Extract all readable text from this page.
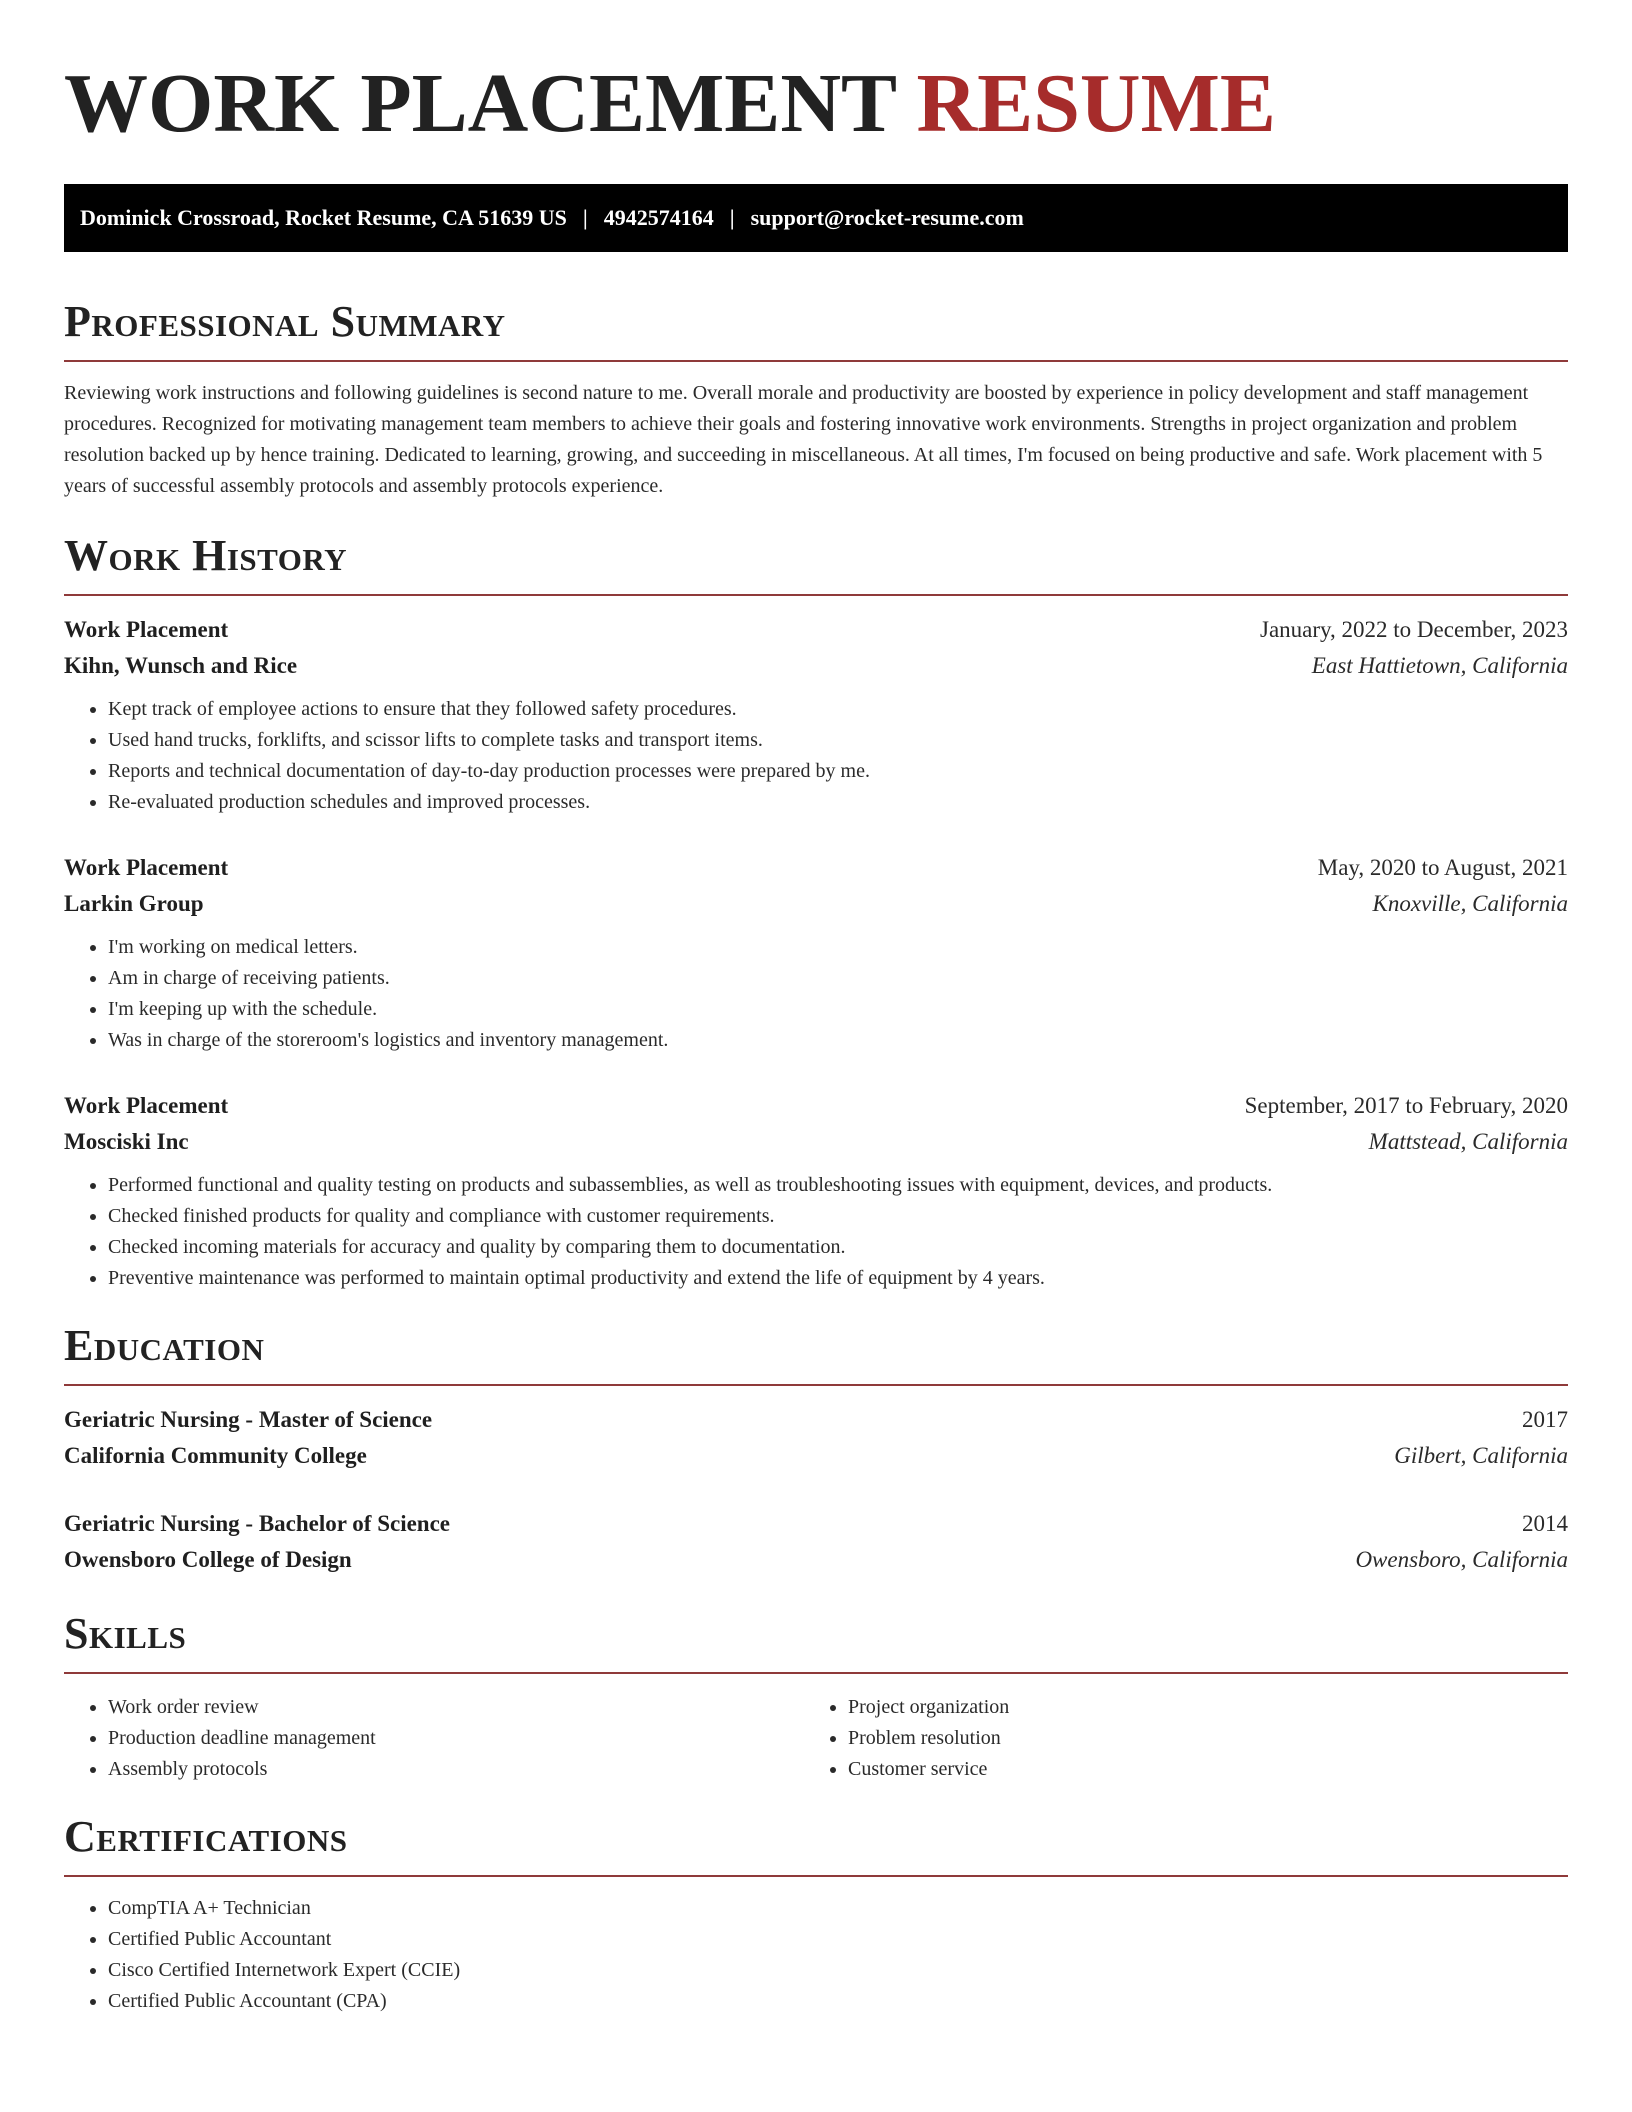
WORK PLACEMENT RESUME
Dominick Crossroad, Rocket Resume, CA 51639 US | 4942574164 | support@rocket-resume.com
Professional Summary

Reviewing work instructions and following guidelines is second nature to me. Overall morale and productivity are boosted by experience in policy development and staff management procedures. Recognized for motivating management team members to achieve their goals and fostering innovative work environments. Strengths in project organization and problem resolution backed up by hence training. Dedicated to learning, growing, and succeeding in miscellaneous. At all times, I'm focused on being productive and safe. Work placement with 5 years of successful assembly protocols and assembly protocols experience.

Work History
Work Placement	January, 2022 to December, 2023
Kihn, Wunsch and Rice	East Hattietown, California
• Kept track of employee actions to ensure that they followed safety procedures.
• Used hand trucks, forklifts, and scissor lifts to complete tasks and transport items.
• Reports and technical documentation of day-to-day production processes were prepared by me.
• Re-evaluated production schedules and improved processes.
Work Placement	May, 2020 to August, 2021
Larkin Group	Knoxville, California
• I'm working on medical letters.
• Am in charge of receiving patients.
• I'm keeping up with the schedule.
• Was in charge of the storeroom's logistics and inventory management.
Work Placement	September, 2017 to February, 2020
Mosciski Inc	Mattstead, California
• Performed functional and quality testing on products and subassemblies, as well as troubleshooting issues with equipment, devices, and products.
• Checked finished products for quality and compliance with customer requirements.
• Checked incoming materials for accuracy and quality by comparing them to documentation.
• Preventive maintenance was performed to maintain optimal productivity and extend the life of equipment by 4 years.
Education
Geriatric Nursing - Master of Science	2017
California Community College	Gilbert, California
Geriatric Nursing - Bachelor of Science	2014
Owensboro College of Design	Owensboro, California
Skills
• Work order review
• Production deadline management
• Assembly protocols
• Project organization
• Problem resolution
• Customer service
Certifications
• CompTIA A+ Technician
• Certified Public Accountant
• Cisco Certified Internetwork Expert (CCIE)
• Certified Public Accountant (CPA)
